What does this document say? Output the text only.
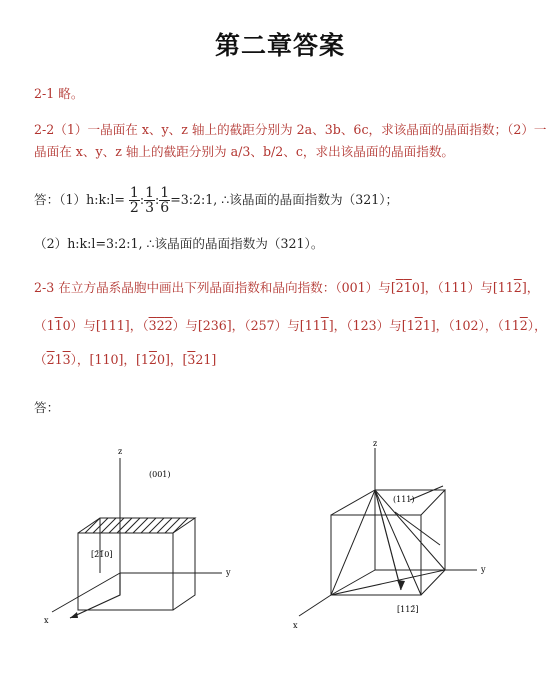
第二章答案
2-1 略。
2-2（1）一晶面在 x、y、z 轴上的截距分别为 2a、3b、6c，求该晶面的晶面指数；（2）一
晶面在 x、y、z 轴上的截距分别为 a/3、b/2、c，求出该晶面的晶面指数。
答：（1）h:k:l= $\frac{1}{2}$ : $\frac{1}{3}$ : $\frac{1}{6}$ =3:2:1, ∴该晶面的晶面指数为（321）；
（2）h:k:l=3:2:1, ∴该晶面的晶面指数为（321）。
2-3 在立方晶系晶胞中画出下列晶面指数和晶向指数：（001）与[210]，（111）与[112]，
（110）与[111]，（322）与[236]，（257）与[111]，（123）与[121]，（102），（112），
（213），[110]，[120]，[321]
答：
z
y
x
(001)
[2̄1̄0]
z
y
x
(111)
[112̄]
